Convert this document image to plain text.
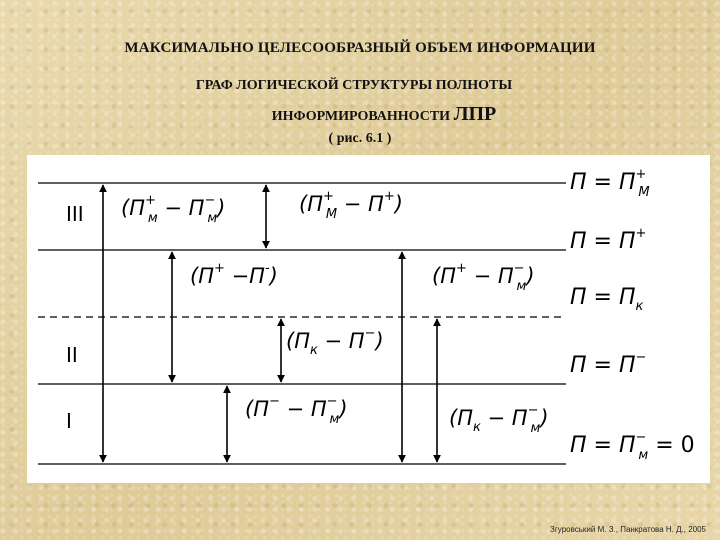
МАКСИМАЛЬНО ЦЕЛЕСООБРАЗНЫЙ ОБЪЕМ ИНФОРМАЦИИ

ГРАФ ЛОГИЧЕСКОЙ СТРУКТУРЫ ПОЛНОТЫ

ИНФОРМИРОВАННОСТИ ЛПР

( рис. 6.1 )

III
II
I
(П+ м − П− м)	(П+ М − П+)
(П+ −П-)	(П+ − П− м)
$(П_к - П^-)$
(П− − П− м)	($П_к - П^-$ м)
П = П+ М
П = П+
$П = П_к$
П = П−
П = П− м = 0
Згуровський М. З., Панкратова Н. Д., 2005
